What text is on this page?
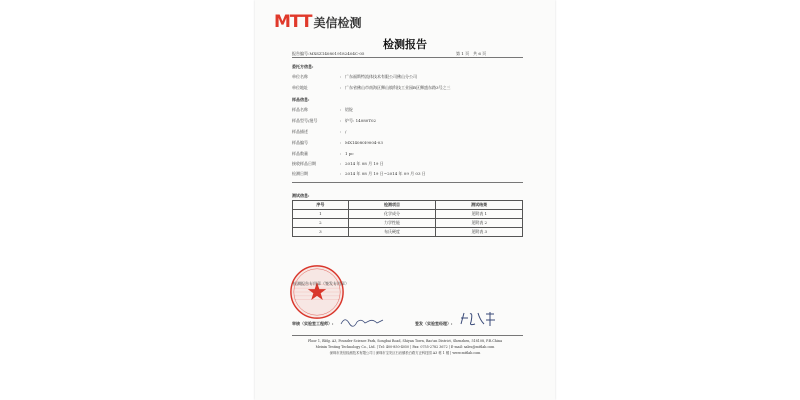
MTT 美信检测
检测报告
报告编号:MXSZ1408019182404C-05	第 1 页　共 6 页
委托方信息:
单位名称	: 广东福斯特流体技术有限公司佛山分公司
单位地址	: 广东省佛山市南海区狮山镇科技工业园B区狮盛东路3号之三
样品信息:
样品名称	: 铝锭
样品型号/批号	: 炉号: 14080T02
样品描述	: /
样品编号	: MX14080I9004-03
样品数量	: 1 pc
接收样品日期	: 2014 年 08 月 19 日
检测日期	: 2014 年 08 月 19 日~2014 年 09 月 03 日
测试信息:
序号	检测项目	测试结果
1	化学成分	见附表 1
2	力学性能	见附表 2
3	布氏硬度	见附表 3
检测报告专用章（签发专用章）
审核（实验室工程师）:	签发（实验室经理）:
Floor 1, Bldg. A3, Founder Science Park, Songbai Road, Shiyan Town, Bao'an District, Shenzhen, 518108, P.R.China
Meixin Testing Technology Co., Ltd. | Tel: 400-850-4050 | Fax: 0755-2782 3672 | E-mail: sales@mttlab.com
深圳市美信检测技术有限公司 | 深圳市宝安区石岩镇松白路方正科技园 A3 栋 1 楼 | www.mttlab.com
